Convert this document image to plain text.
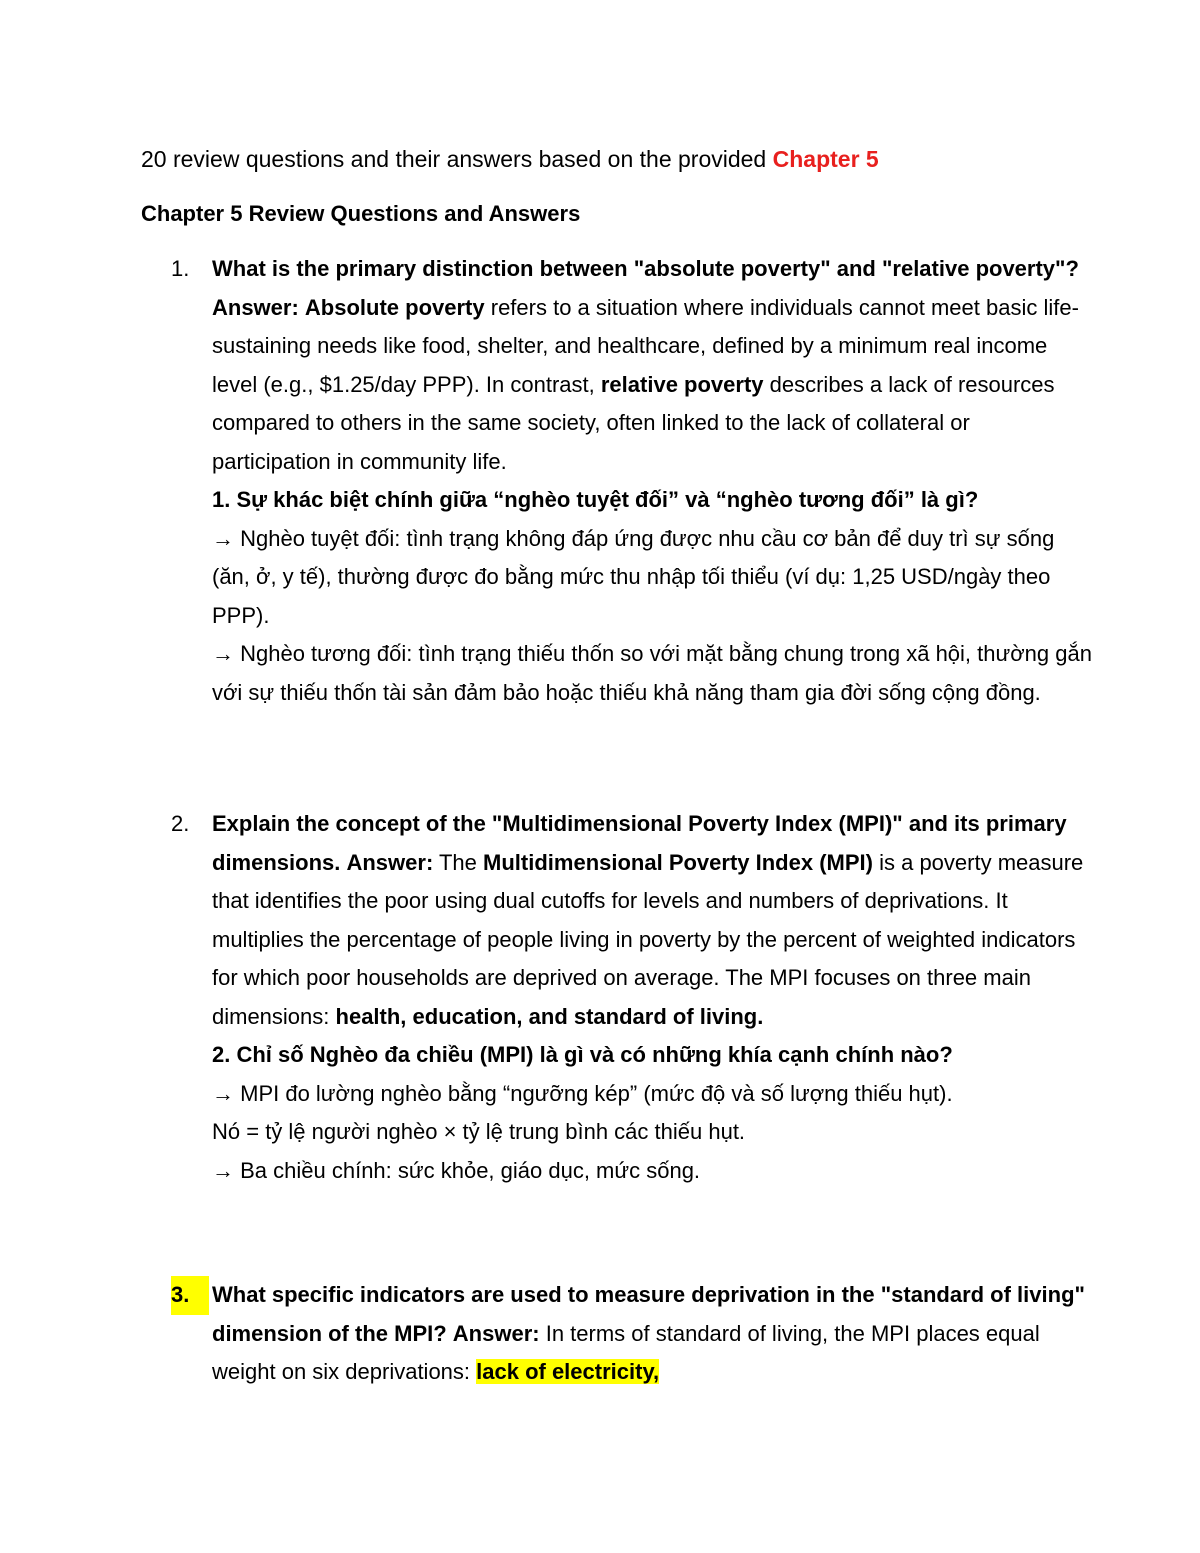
20 review questions and their answers based on the provided Chapter 5
Chapter 5 Review Questions and Answers
1.	What is the primary distinction between "absolute poverty" and "relative poverty"? Answer: Absolute poverty refers to a situation where individuals cannot meet basic life-sustaining needs like food, shelter, and healthcare, defined by a minimum real income level (e.g., $1.25/day PPP). In contrast, relative poverty describes a lack of resources compared to others in the same society, often linked to the lack of collateral or participation in community life.

1. Sự khác biệt chính giữa “nghèo tuyệt đối” và “nghèo tương đối” là gì?
→ Nghèo tuyệt đối: tình trạng không đáp ứng được nhu cầu cơ bản để duy trì sự sống (ăn, ở, y tế), thường được đo bằng mức thu nhập tối thiểu (ví dụ: 1,25 USD/ngày theo PPP).
→ Nghèo tương đối: tình trạng thiếu thốn so với mặt bằng chung trong xã hội, thường gắn với sự thiếu thốn tài sản đảm bảo hoặc thiếu khả năng tham gia đời sống cộng đồng.

2.	Explain the concept of the "Multidimensional Poverty Index (MPI)" and its primary dimensions. Answer: The Multidimensional Poverty Index (MPI) is a poverty measure that identifies the poor using dual cutoffs for levels and numbers of deprivations. It multiplies the percentage of people living in poverty by the percent of weighted indicators for which poor households are deprived on average. The MPI focuses on three main dimensions: health, education, and standard of living.

2. Chỉ số Nghèo đa chiều (MPI) là gì và có những khía cạnh chính nào?
→ MPI đo lường nghèo bằng “ngưỡng kép” (mức độ và số lượng thiếu hụt).
Nó = tỷ lệ người nghèo × tỷ lệ trung bình các thiếu hụt.
→ Ba chiều chính: sức khỏe, giáo dục, mức sống.

3.	What specific indicators are used to measure deprivation in the "standard of living" dimension of the MPI? Answer: In terms of standard of living, the MPI places equal weight on six deprivations: lack of electricity,
